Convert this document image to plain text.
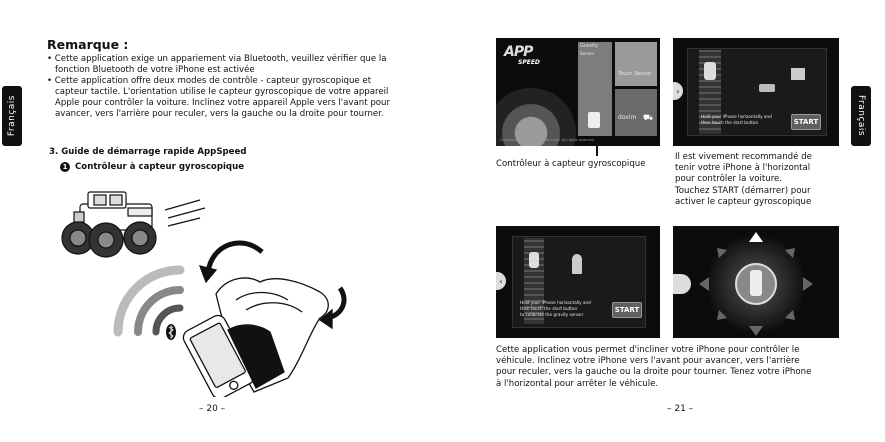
Français	Français
Remarque :

• Cette application exige un appariement via Bluetooth, veuillez vérifier que la fonction Bluetooth de votre iPhone est activée

• Cette application offre deux modes de contrôle - capteur gyroscopique et capteur tactile. L'orientation utilise le capteur gyroscopique de votre appareil Apple pour contrôler la voiture. Inclinez votre appareil Apple vers l'avant pour avancer, vers l'arrière pour reculer, vers la gauche ou la droite pour tourner.

3. Guide de démarrage rapide AppSpeed
1 Contrôleur à capteur gyroscopique
– 20 –
APP
SPEED
Gravity
Sensor
Touch Sensor
doxim ⛟
Copyright © 2010 Doxim Tech Ltd. All rights reserved.
Contrôleur à capteur gyroscopique
Hold your iPhone horizontally and
then touch the start button	START
‹
Il est vivement recommandé de
tenir votre iPhone à l'horizontal
pour contrôler la voiture.
Touchez START (démarrer) pour
activer le capteur gyroscopique
Hold your iPhone horizontally and
then touch the start button
to calibrate the gravity sensor
START
‹
Cette application vous permet d'incliner votre iPhone pour contrôler le
véhicule. Inclinez votre iPhone vers l'avant pour avancer, vers l'arrière
pour reculer, vers la gauche ou la droite pour tourner. Tenez votre iPhone
à l'horizontal pour arrêter le véhicule.
– 21 –
